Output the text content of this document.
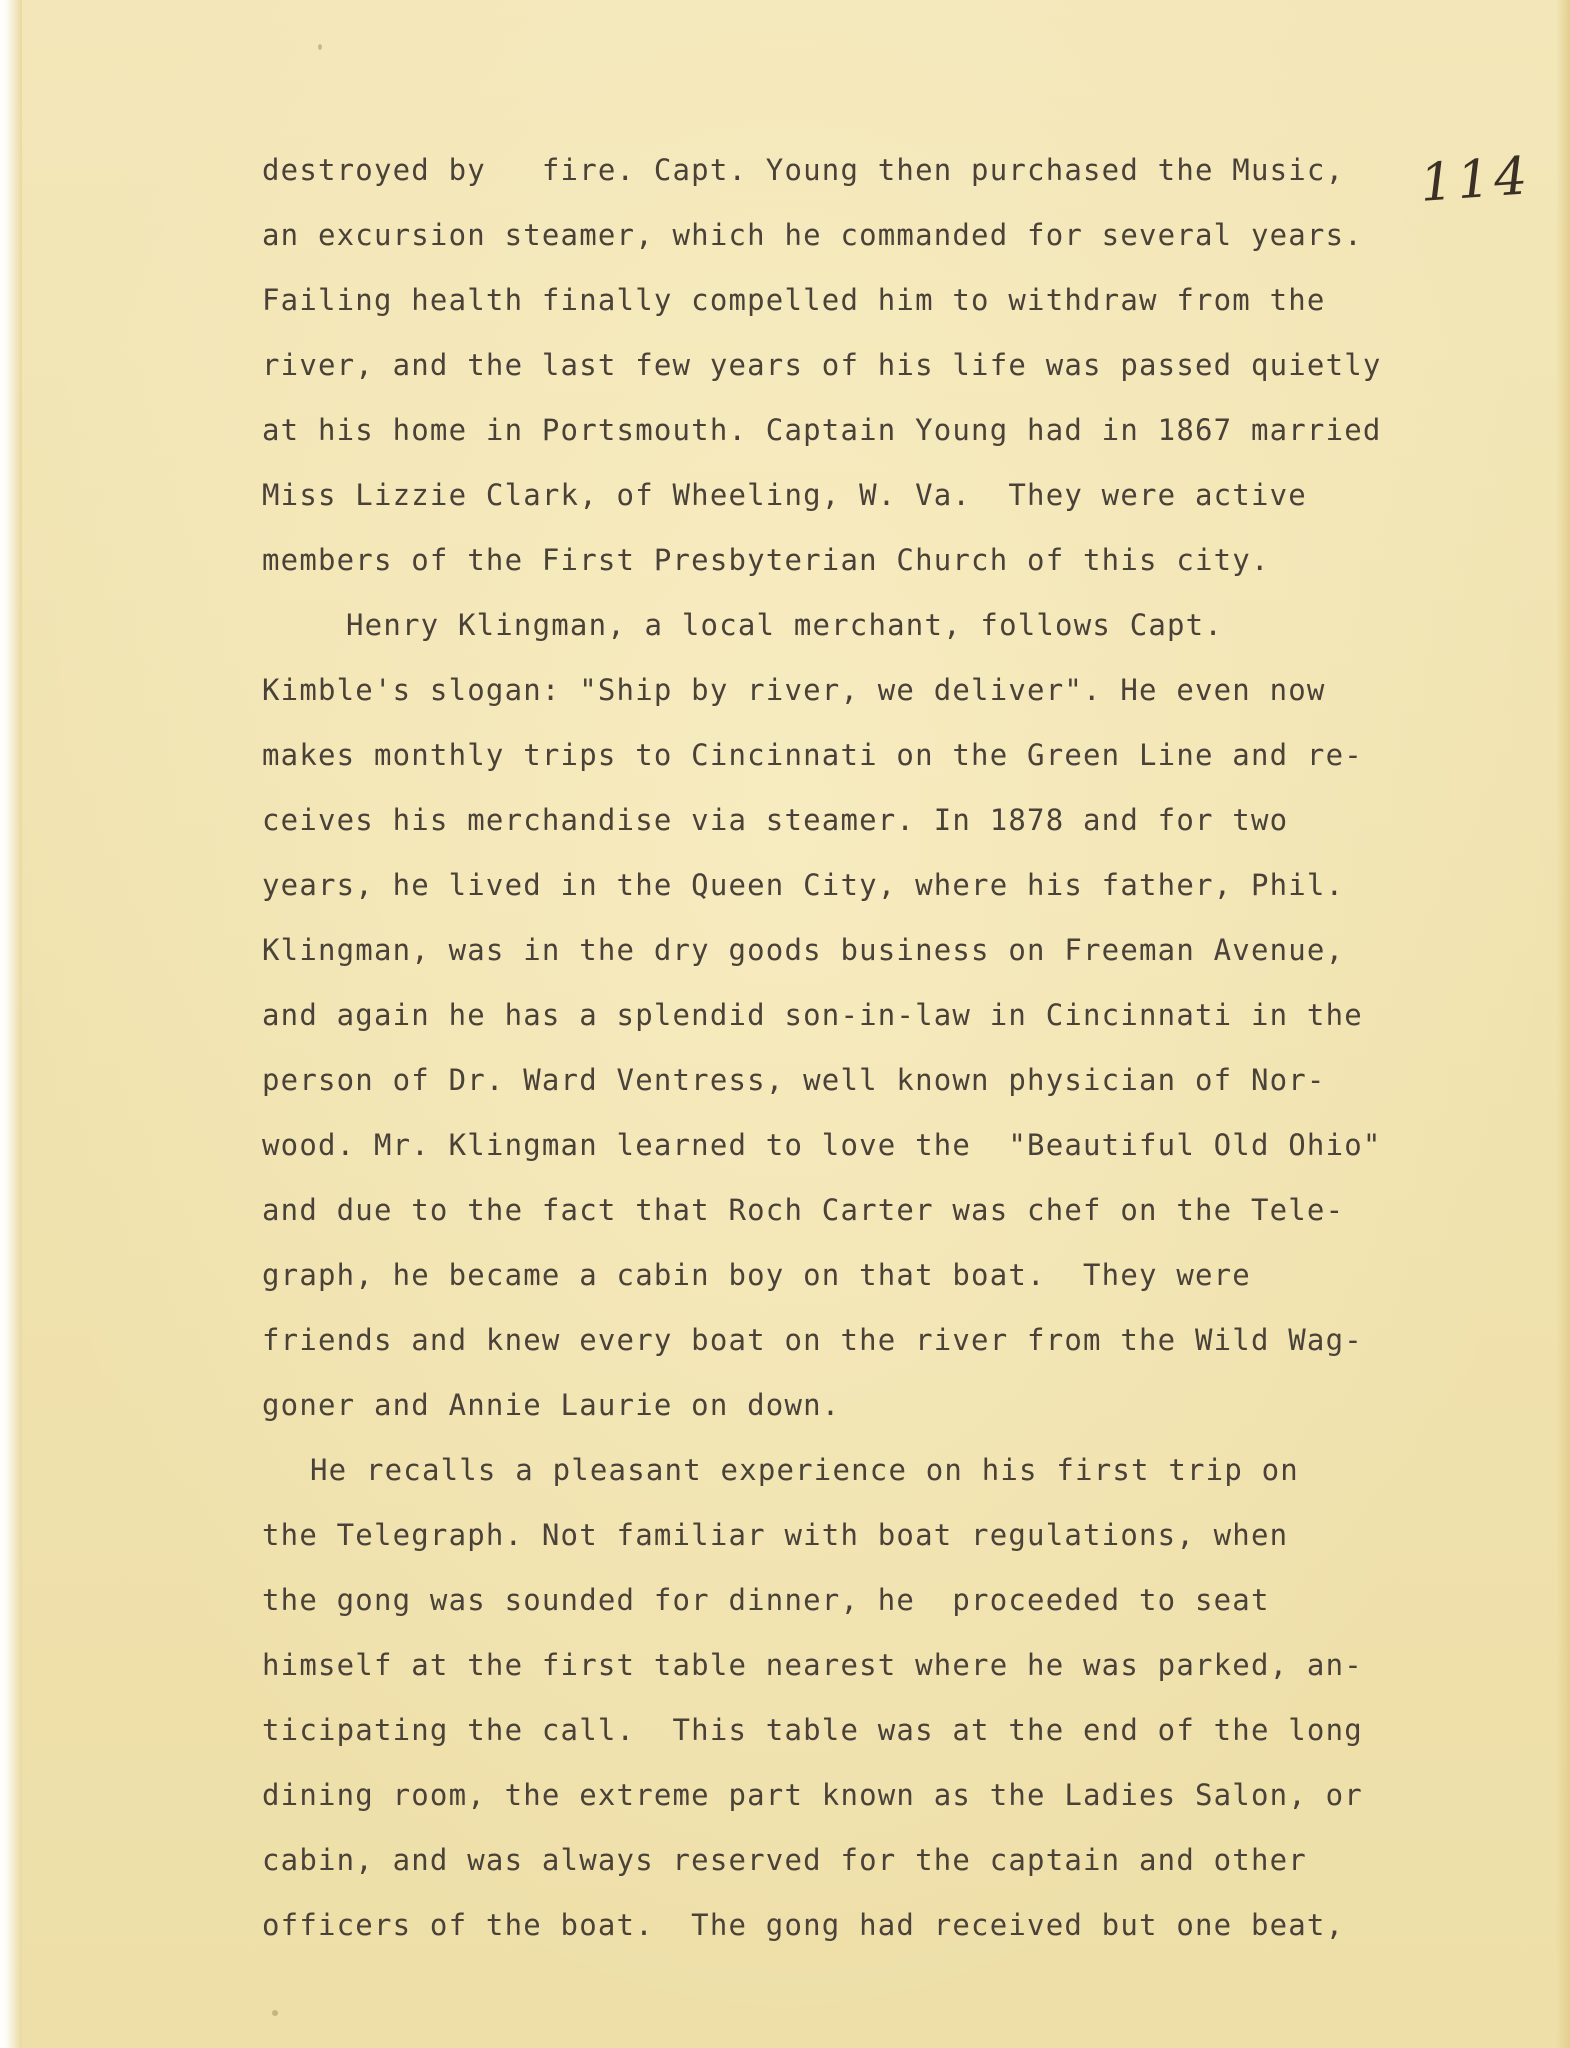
114
destroyed by   fire. Capt. Young then purchased the Music,
an excursion steamer, which he commanded for several years.
Failing health finally compelled him to withdraw from the
river, and the last few years of his life was passed quietly
at his home in Portsmouth. Captain Young had in 1867 married
Miss Lizzie Clark, of Wheeling, W. Va.  They were active
members of the First Presbyterian Church of this city.
Henry Klingman, a local merchant, follows Capt.
Kimble's slogan: "Ship by river, we deliver". He even now
makes monthly trips to Cincinnati on the Green Line and re-
ceives his merchandise via steamer. In 1878 and for two
years, he lived in the Queen City, where his father, Phil.
Klingman, was in the dry goods business on Freeman Avenue,
and again he has a splendid son-in-law in Cincinnati in the
person of Dr. Ward Ventress, well known physician of Nor-
wood. Mr. Klingman learned to love the  "Beautiful Old Ohio"
and due to the fact that Roch Carter was chef on the Tele-
graph, he became a cabin boy on that boat.  They were
friends and knew every boat on the river from the Wild Wag-
goner and Annie Laurie on down.
He recalls a pleasant experience on his first trip on
the Telegraph. Not familiar with boat regulations, when
the gong was sounded for dinner, he  proceeded to seat
himself at the first table nearest where he was parked, an-
ticipating the call.  This table was at the end of the long
dining room, the extreme part known as the Ladies Salon, or
cabin, and was always reserved for the captain and other
officers of the boat.  The gong had received but one beat,
